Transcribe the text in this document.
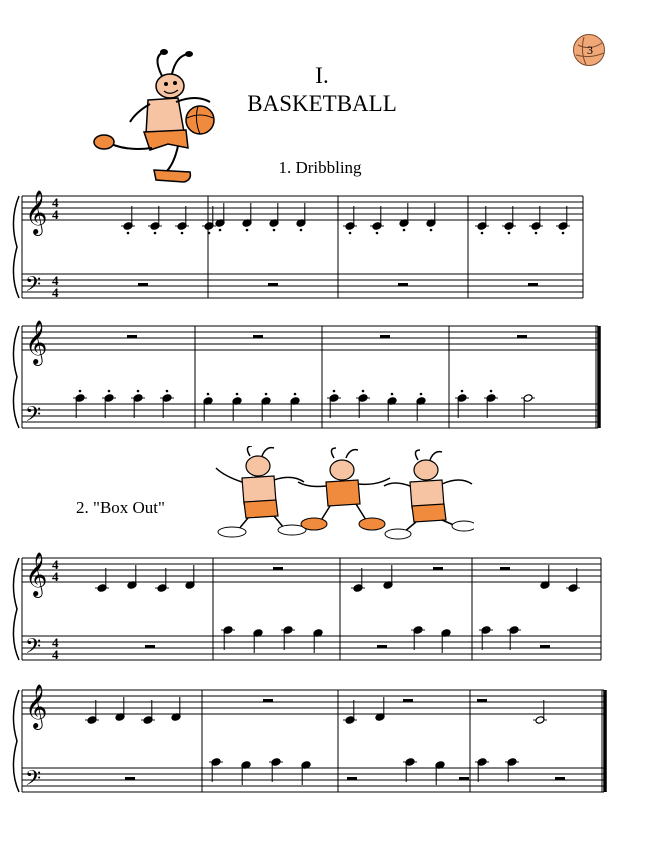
3
I.
BASKETBALL
1. Dribbling
2. "Box Out"
𝄞 4
4
𝄢 4
4
𝄞
𝄢
𝄞 4
4
𝄢 4
4
𝄞
𝄢
